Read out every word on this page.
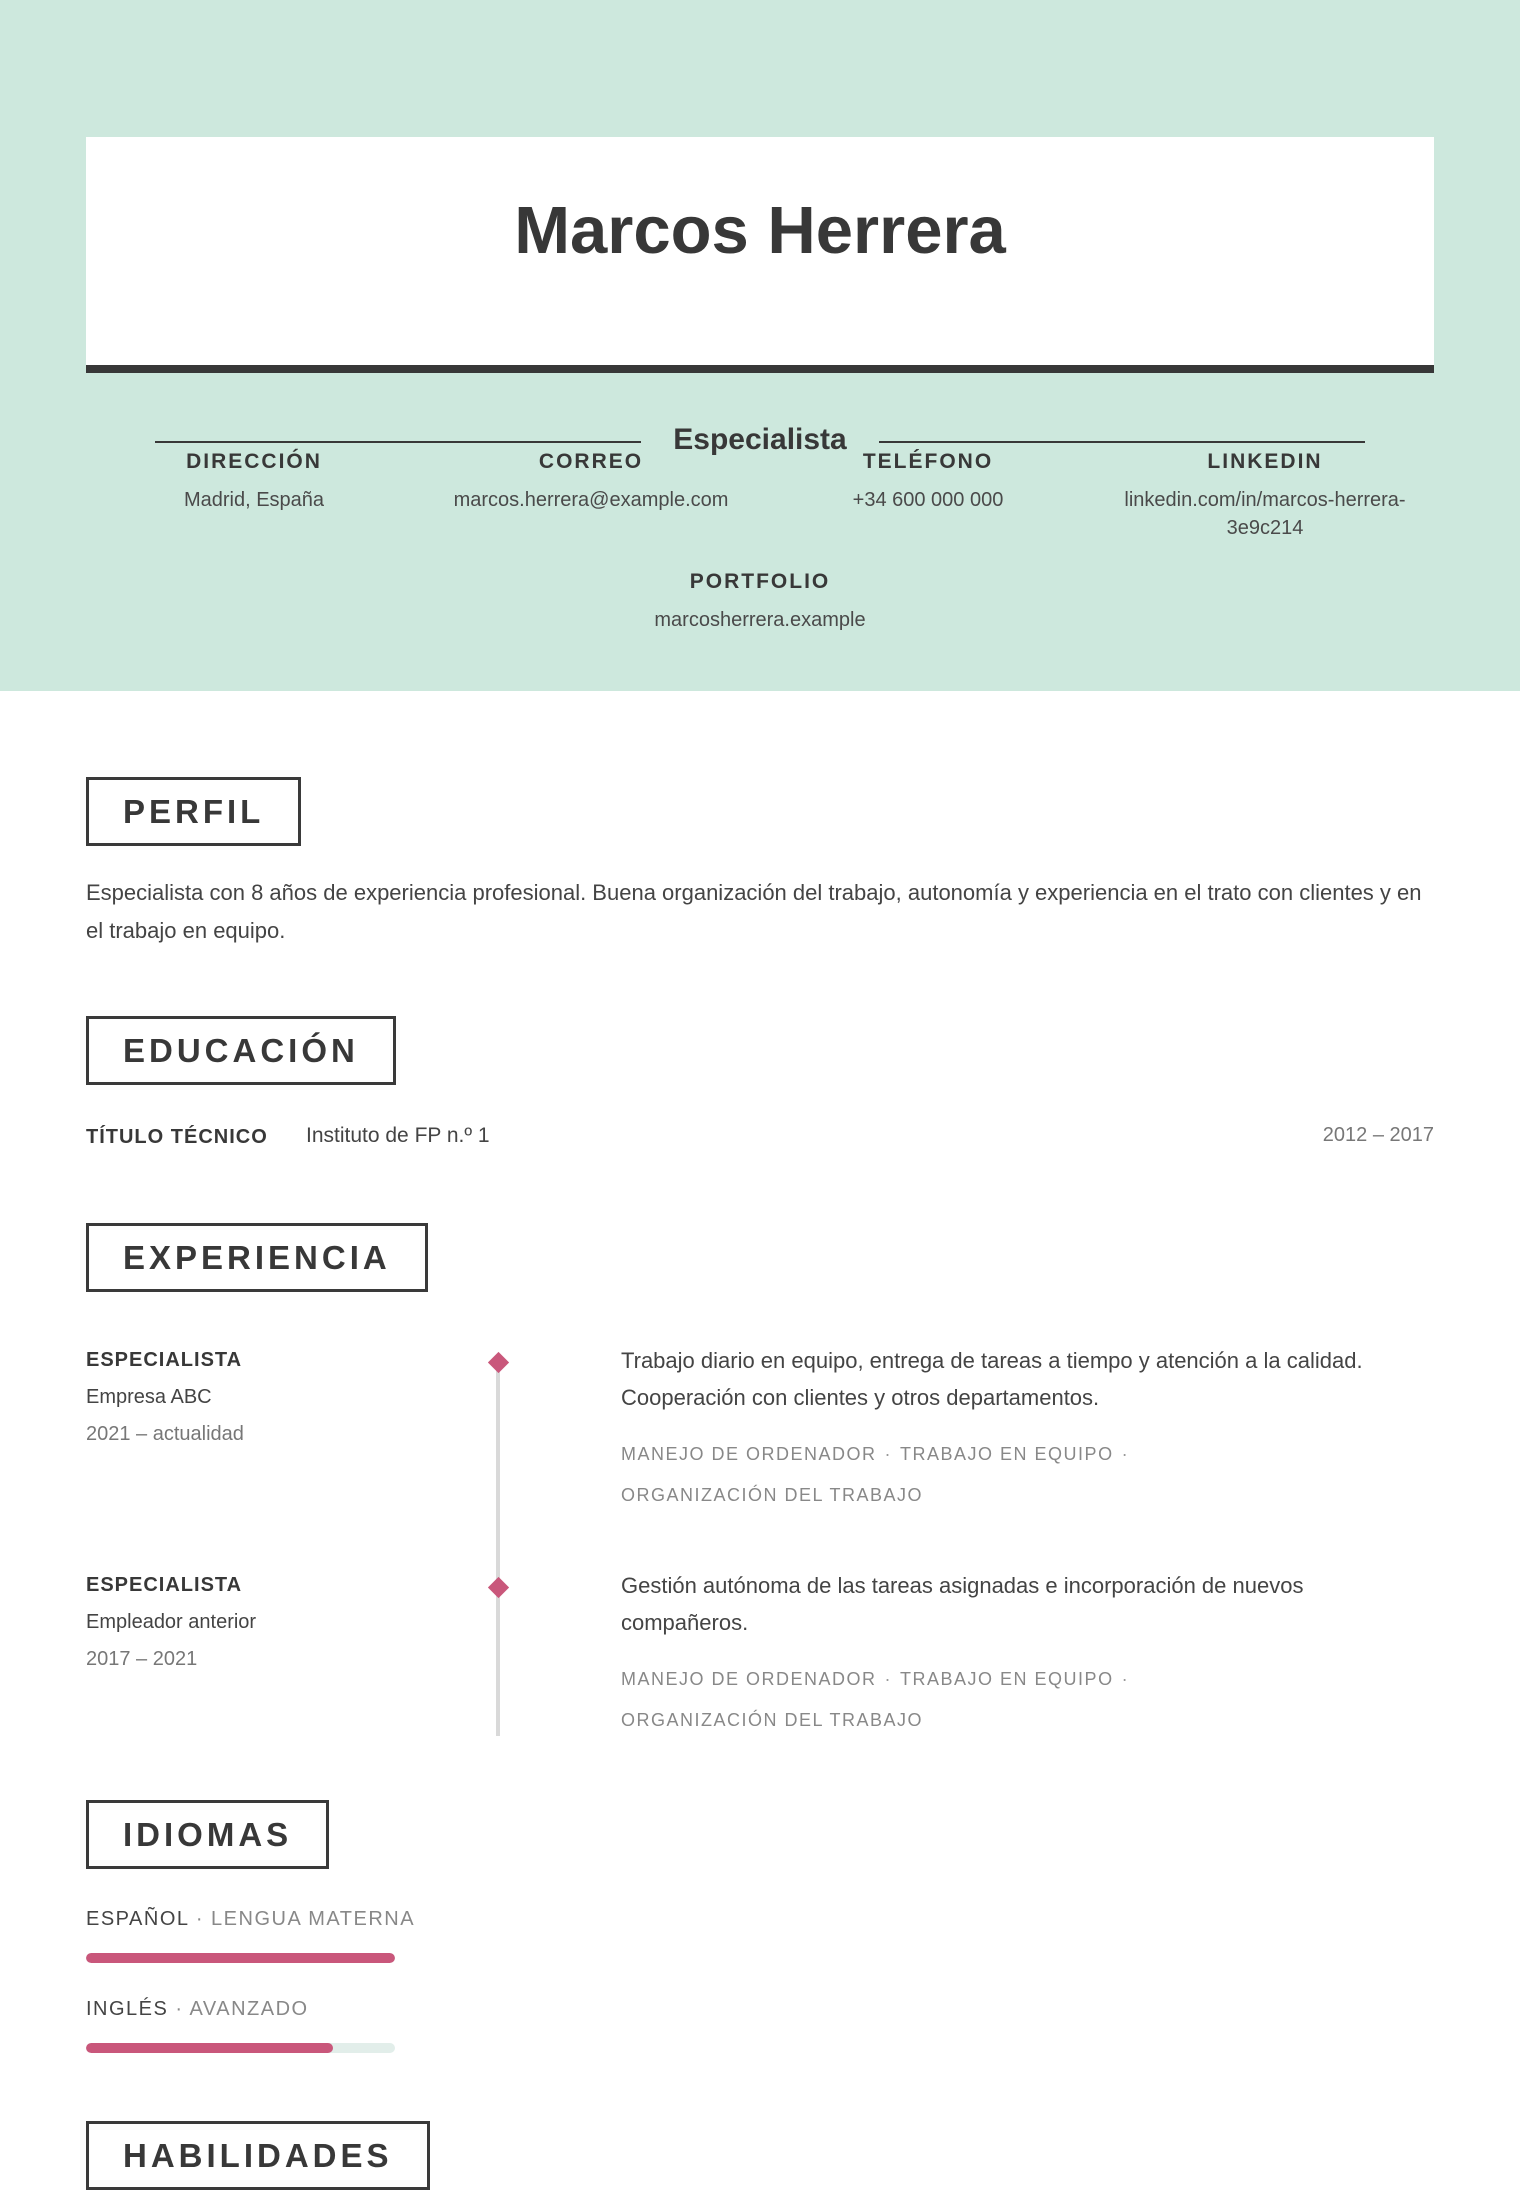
Marcos Herrera
Especialista
DIRECCIÓN
Madrid, España
CORREO
marcos.herrera@example.com
TELÉFONO
+34 600 000 000
LINKEDIN
linkedin.com/in/marcos-herrera-
3e9c214
PORTFOLIO
marcosherrera.example
PERFIL
Especialista con 8 años de experiencia profesional. Buena organización del trabajo, autonomía y experiencia en el trato con clientes y en el trabajo en equipo.
EDUCACIÓN
TÍTULO TÉCNICO Instituto de FP n.º 1	2012 – 2017
EXPERIENCIA
ESPECIALISTA
Empresa ABC
2021 – actualidad
Trabajo diario en equipo, entrega de tareas a tiempo y atención a la calidad. Cooperación con clientes y otros departamentos.
MANEJO DE ORDENADOR · TRABAJO EN EQUIPO ·
ORGANIZACIÓN DEL TRABAJO
ESPECIALISTA
Empleador anterior
2017 – 2021
Gestión autónoma de las tareas asignadas e incorporación de nuevos compañeros.
MANEJO DE ORDENADOR · TRABAJO EN EQUIPO ·
ORGANIZACIÓN DEL TRABAJO
IDIOMAS
ESPAÑOL · LENGUA MATERNA
INGLÉS · AVANZADO
HABILIDADES
